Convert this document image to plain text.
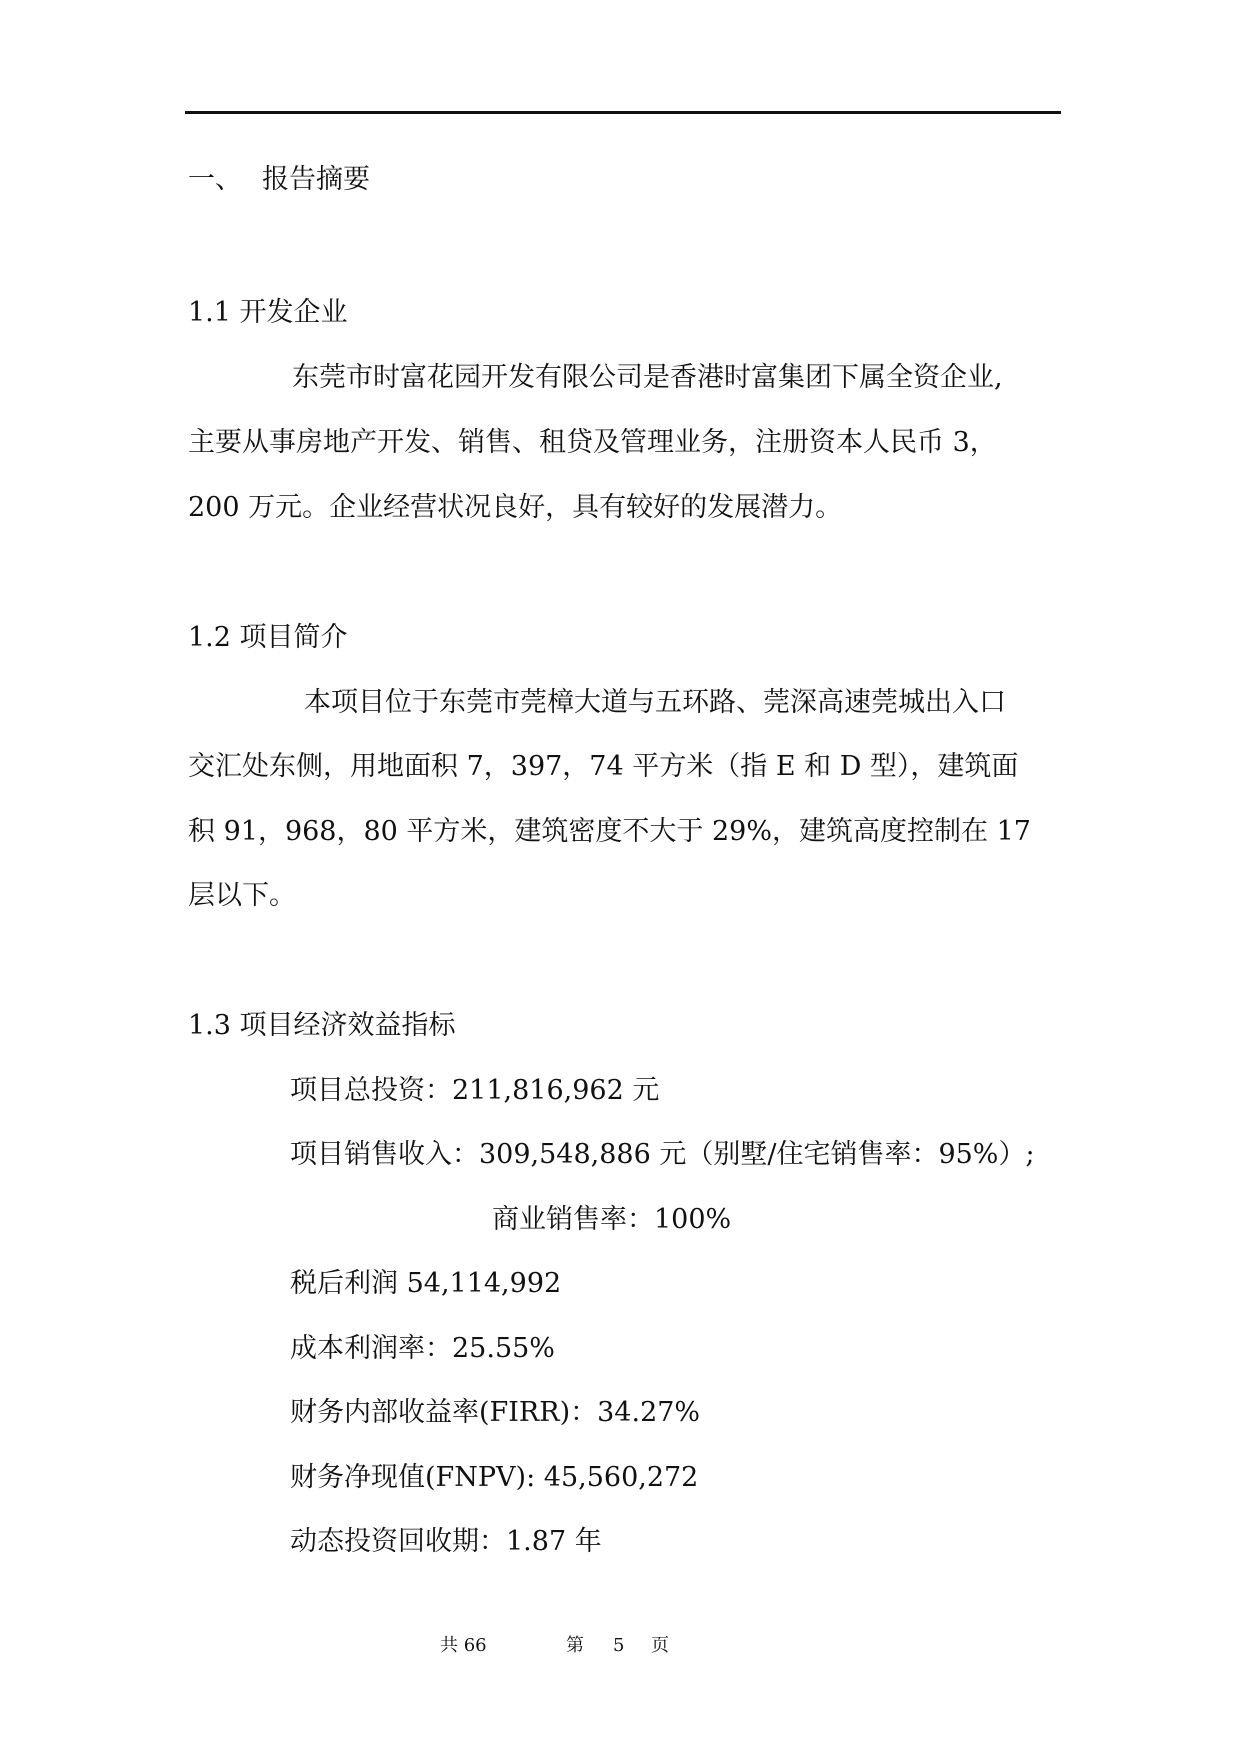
一、 报告摘要
1.1 开发企业
东莞市时富花园开发有限公司是香港时富集团下属全资企业,
主要从事房地产开发、销售、租贷及管理业务，注册资本人民币 3，
200 万元。企业经营状况良好，具有较好的发展潜力。
1.2 项目简介
本项目位于东莞市莞樟大道与五环路、莞深高速莞城出入口
交汇处东侧，用地面积 7，397，74 平方米（指 E 和 D 型），建筑面
积 91，968，80 平方米，建筑密度不大于 29%，建筑高度控制在 17
层以下。
1.3 项目经济效益指标
项目总投资：211,816,962 元
项目销售收入：309,548,886 元（别墅/住宅销售率：95%）;
商业销售率：100%
税后利润 54,114,992
成本利润率：25.55%
财务内部收益率(FIRR)：34.27%
财务净现值(FNPV): 45,560,272
动态投资回收期：1.87 年
共 66	第 5 页
